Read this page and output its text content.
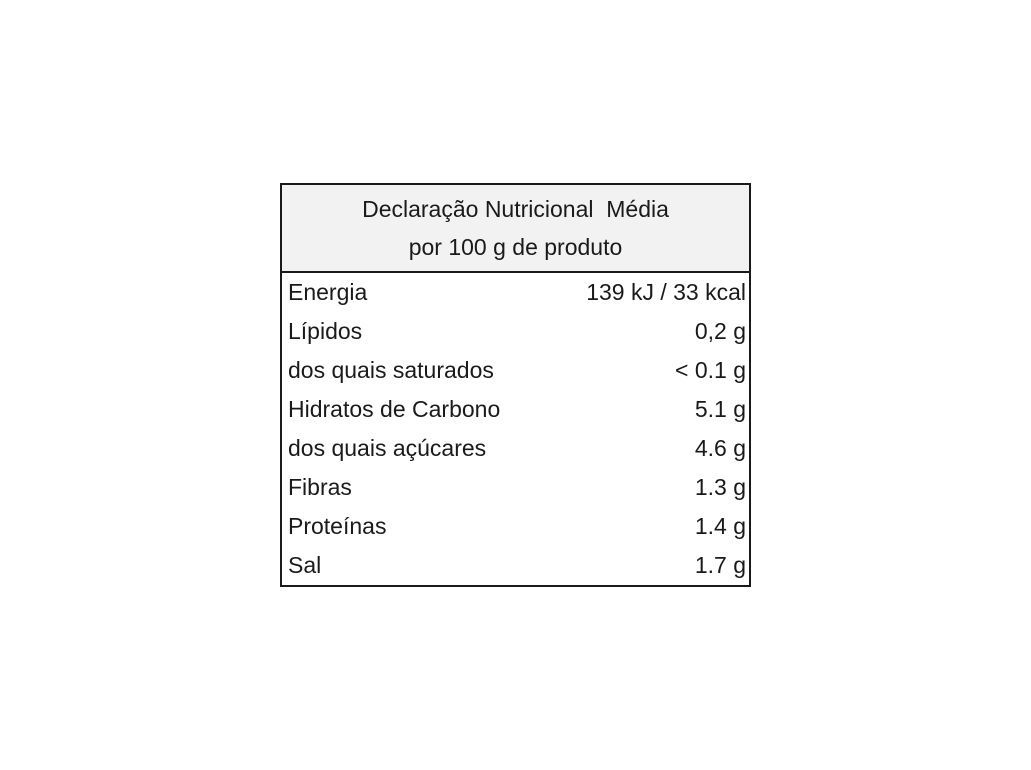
Declaração Nutricional  Média
por 100 g de produto
Energia	139 kJ / 33 kcal
Lípidos	0,2 g
dos quais saturados	< 0.1 g
Hidratos de Carbono	5.1 g
dos quais açúcares	4.6 g
Fibras	1.3 g
Proteínas	1.4 g
Sal	1.7 g
